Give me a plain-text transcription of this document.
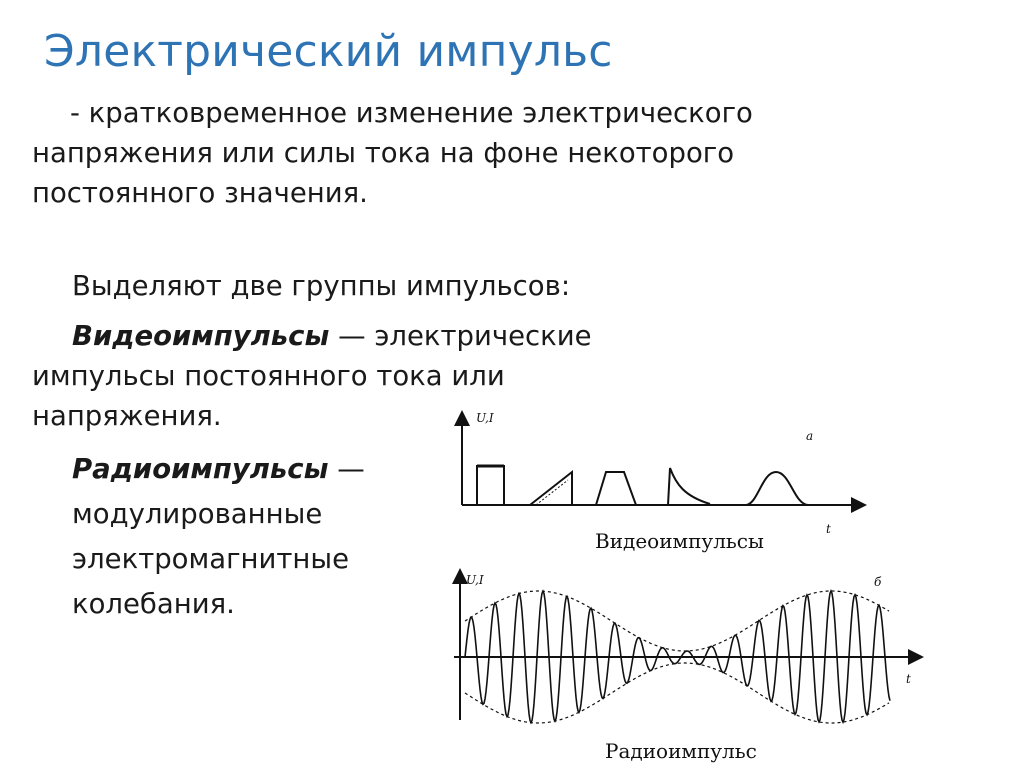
Электрический импульс
- кратковременное изменение электрического
напряжения или силы тока на фоне некоторого
постоянного значения.
Выделяют две группы импульсов:
Видеоимпульсы — электрические
импульсы постоянного тока или
напряжения.
Радиоимпульсы —
модулированные
электромагнитные
колебания.
U,I
t
a
Видеоимпульсы
U,I
t
б
Радиоимпульс
